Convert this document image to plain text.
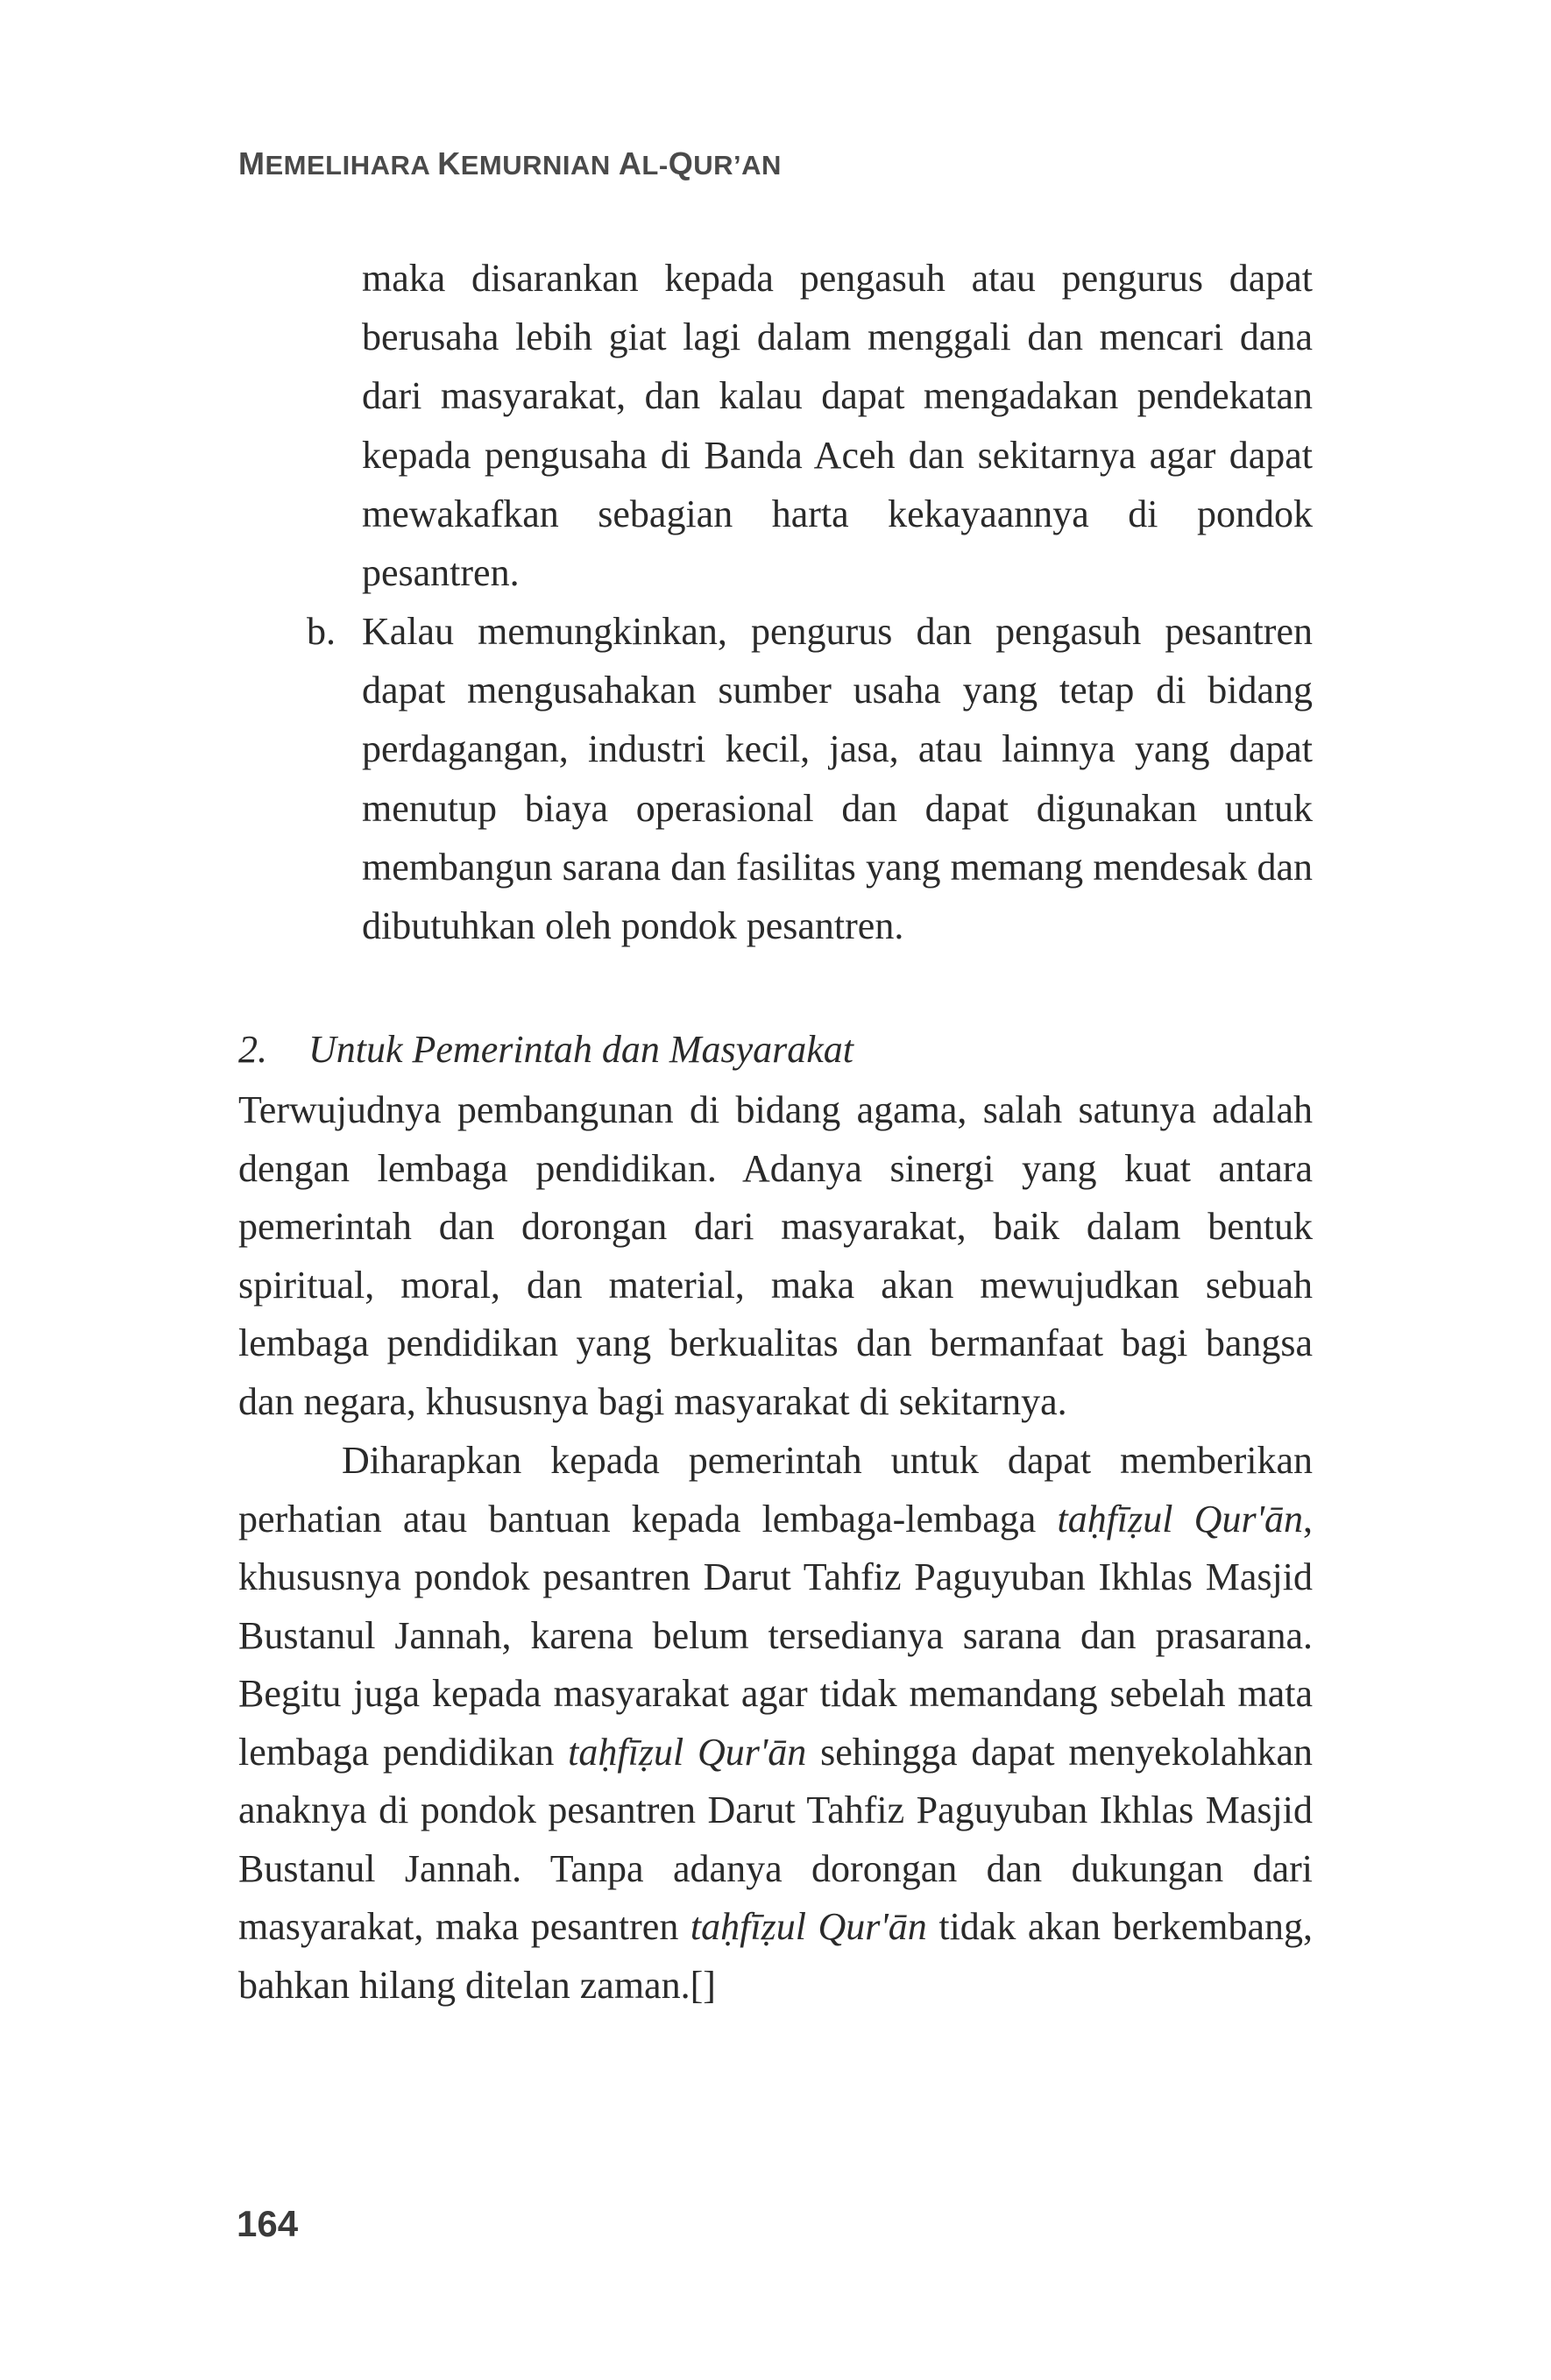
MEMELIHARA KEMURNIAN AL-QUR’AN

maka disarankan kepada pengasuh atau pengurus dapat berusaha lebih giat lagi dalam menggali dan mencari dana dari masyarakat, dan kalau dapat mengadakan pendekatan kepada pengusaha di Banda Aceh dan sekitarnya agar dapat mewakafkan sebagian harta kekayaannya di pondok pesantren.

b. Kalau memungkinkan, pengurus dan pengasuh pesantren dapat mengusahakan sumber usaha yang tetap di bidang perdagangan, industri kecil, jasa, atau lainnya yang dapat menutup biaya operasional dan dapat digunakan untuk membangun sarana dan fasilitas yang memang mendesak dan dibutuhkan oleh pondok pesantren.

2. Untuk Pemerintah dan Masyarakat

Terwujudnya pembangunan di bidang agama, salah satunya adalah dengan lembaga pendidikan. Adanya sinergi yang kuat antara pemerintah dan dorongan dari masyarakat, baik dalam bentuk spiritual, moral, dan material, maka akan mewujudkan sebuah lembaga pendidikan yang berkualitas dan bermanfaat bagi bangsa dan negara, khususnya bagi masyarakat di sekitarnya.

Diharapkan kepada pemerintah untuk dapat memberikan perhatian atau bantuan kepada lembaga-lembaga taḥfīẓul Qur'ān, khususnya pondok pesantren Darut Tahfiz Paguyuban Ikhlas Masjid Bustanul Jannah, karena belum tersedianya sarana dan prasarana. Begitu juga kepada masyarakat agar tidak memandang sebelah mata lembaga pendidikan taḥfīẓul Qur'ān sehingga dapat menyekolahkan anaknya di pondok pesantren Darut Tahfiz Paguyuban Ikhlas Masjid Bustanul Jannah. Tanpa adanya dorongan dan dukungan dari masyarakat, maka pesantren taḥfīẓul Qur'ān tidak akan berkembang, bahkan hilang ditelan zaman.[]

164
